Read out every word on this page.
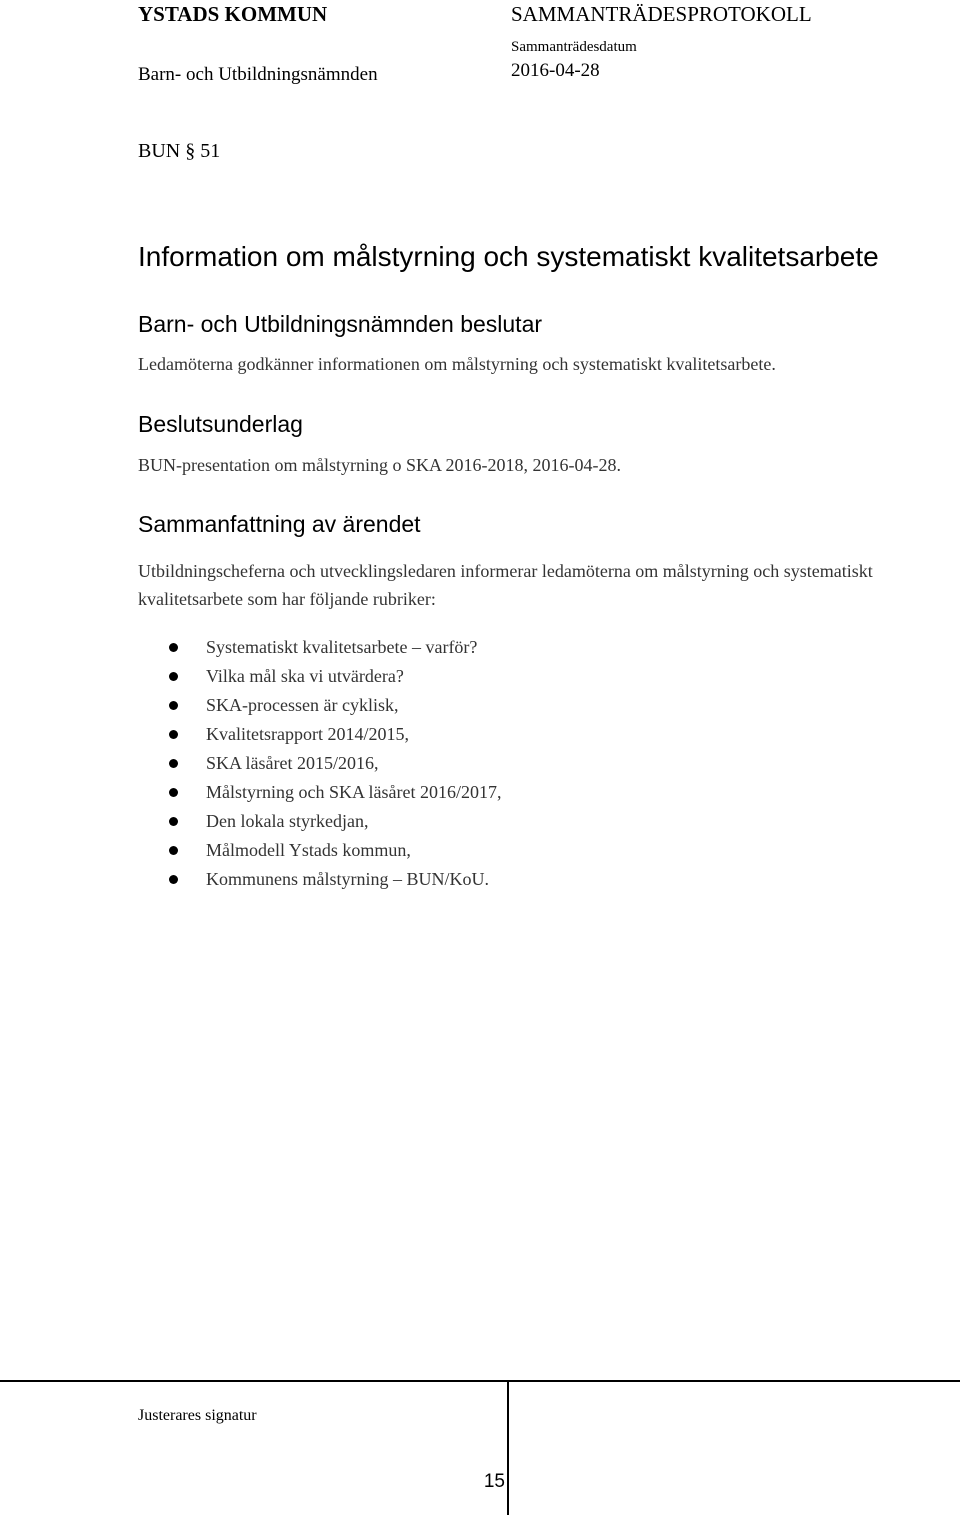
YSTADS KOMMUN
Barn- och Utbildningsnämnden
SAMMANTRÄDESPROTOKOLL
Sammanträdesdatum
2016-04-28
BUN § 51
Information om målstyrning och systematiskt kvalitetsarbete
Barn- och Utbildningsnämnden beslutar
Ledamöterna godkänner informationen om målstyrning och systematiskt kvalitetsarbete.
Beslutsunderlag
BUN-presentation om målstyrning o SKA 2016-2018, 2016-04-28.
Sammanfattning av ärendet
Utbildningscheferna och utvecklingsledaren informerar ledamöterna om målstyrning och systematiskt kvalitetsarbete som har följande rubriker:
Systematiskt kvalitetsarbete – varför?
Vilka mål ska vi utvärdera?
SKA-processen är cyklisk,
Kvalitetsrapport 2014/2015,
SKA läsåret 2015/2016,
Målstyrning och SKA läsåret 2016/2017,
Den lokala styrkedjan,
Målmodell Ystads kommun,
Kommunens målstyrning – BUN/KoU.
Justerares signatur
15
